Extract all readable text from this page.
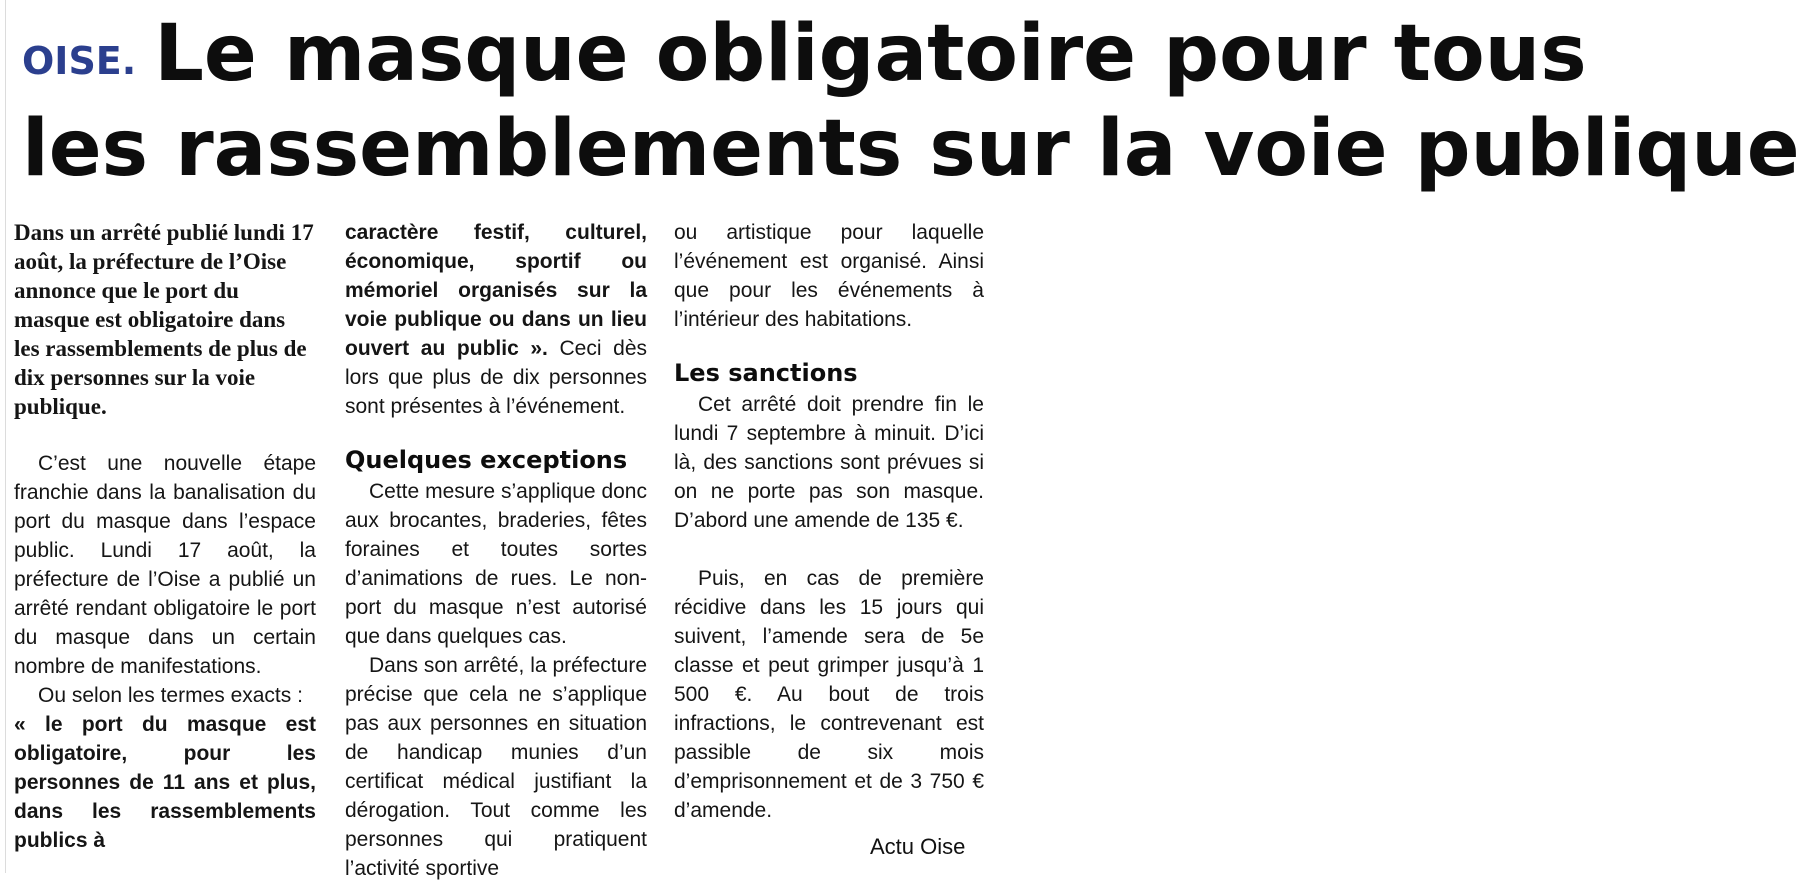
OISE. Le masque obligatoire pour tous
les rassemblements sur la voie publique

Dans un arrêté publié lundi 17 août, la préfecture de l’Oise annonce que le port du masque est obligatoire dans les rassemblements de plus de dix personnes sur la voie publique.

C’est une nouvelle étape franchie dans la banalisation du port du masque dans l’espace public. Lundi 17 août, la préfecture de l’Oise a publié un arrêté rendant obligatoire le port du masque dans un certain nombre de manifestations.

Ou selon les termes exacts :

« le port du masque est obligatoire, pour les personnes de 11 ans et plus, dans les rassemblements publics à

caractère festif, culturel, économique, sportif ou mémoriel organisés sur la voie publique ou dans un lieu ouvert au public ». Ceci dès lors que plus de dix personnes sont présentes à l’événement.

Quelques exceptions

Cette mesure s’applique donc aux brocantes, braderies, fêtes foraines et toutes sortes d’animations de rues. Le non-port du masque n’est autorisé que dans quelques cas.

Dans son arrêté, la préfecture précise que cela ne s’applique pas aux personnes en situation de handicap munies d’un certificat médical justifiant la dérogation. Tout comme les personnes qui pratiquent l’activité sportive

ou artistique pour laquelle l’événement est organisé. Ainsi que pour les événements à l’intérieur des habitations.

Les sanctions

Cet arrêté doit prendre fin le lundi 7 septembre à minuit. D’ici là, des sanctions sont prévues si on ne porte pas son masque. D’abord une amende de 135 €.

Puis, en cas de première récidive dans les 15 jours qui suivent, l’amende sera de 5e classe et peut grimper jusqu’à 1 500 €. Au bout de trois infractions, le contrevenant est passible de six mois d’emprisonnement et de 3 750 € d’amende.

Actu Oise
